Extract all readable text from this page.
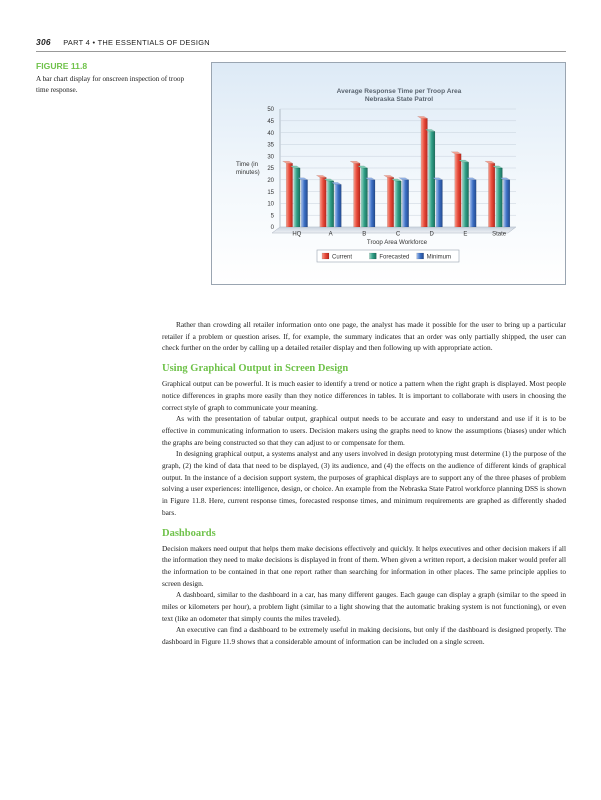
306 PART 4 • THE ESSENTIALS OF DESIGN
FIGURE 11.8
A bar chart display for onscreen inspection of troop time response.	Average Response Time per Troop Area
Nebraska State Patrol
Time (in
minutes)
Troop Area Workforce
0
5
10
15
20
25
30
35
40
45
50
HQ	A	B	C	D	E	State
Current	Forecasted	Minimum

Rather than crowding all retailer information onto one page, the analyst has made it possible for the user to bring up a particular retailer if a problem or question arises. If, for example, the summary indicates that an order was only partially shipped, the user can check further on the order by calling up a detailed retailer display and then following up with appropriate action.

Using Graphical Output in Screen Design

Graphical output can be powerful. It is much easier to identify a trend or notice a pattern when the right graph is displayed. Most people notice differences in graphs more easily than they notice differences in tables. It is important to collaborate with users in choosing the correct style of graph to communicate your meaning.

As with the presentation of tabular output, graphical output needs to be accurate and easy to understand and use if it is to be effective in communicating information to users. Decision makers using the graphs need to know the assumptions (biases) under which the graphs are being constructed so that they can adjust to or compensate for them.

In designing graphical output, a systems analyst and any users involved in design prototyping must determine (1) the purpose of the graph, (2) the kind of data that need to be displayed, (3) its audience, and (4) the effects on the audience of different kinds of graphical output. In the instance of a decision support system, the purposes of graphical displays are to support any of the three phases of problem solving a user experiences: intelligence, design, or choice. An example from the Nebraska State Patrol workforce planning DSS is shown in Figure 11.8. Here, current response times, forecasted response times, and minimum requirements are graphed as differently shaded bars.

Dashboards

Decision makers need output that helps them make decisions effectively and quickly. It helps executives and other decision makers if all the information they need to make decisions is displayed in front of them. When given a written report, a decision maker would prefer all the information to be contained in that one report rather than searching for information in other places. The same principle applies to screen design.

A dashboard, similar to the dashboard in a car, has many different gauges. Each gauge can display a graph (similar to the speed in miles or kilometers per hour), a problem light (similar to a light showing that the automatic braking system is not functioning), or even text (like an odometer that simply counts the miles traveled).

An executive can find a dashboard to be extremely useful in making decisions, but only if the dashboard is designed properly. The dashboard in Figure 11.9 shows that a considerable amount of information can be included on a single screen.
